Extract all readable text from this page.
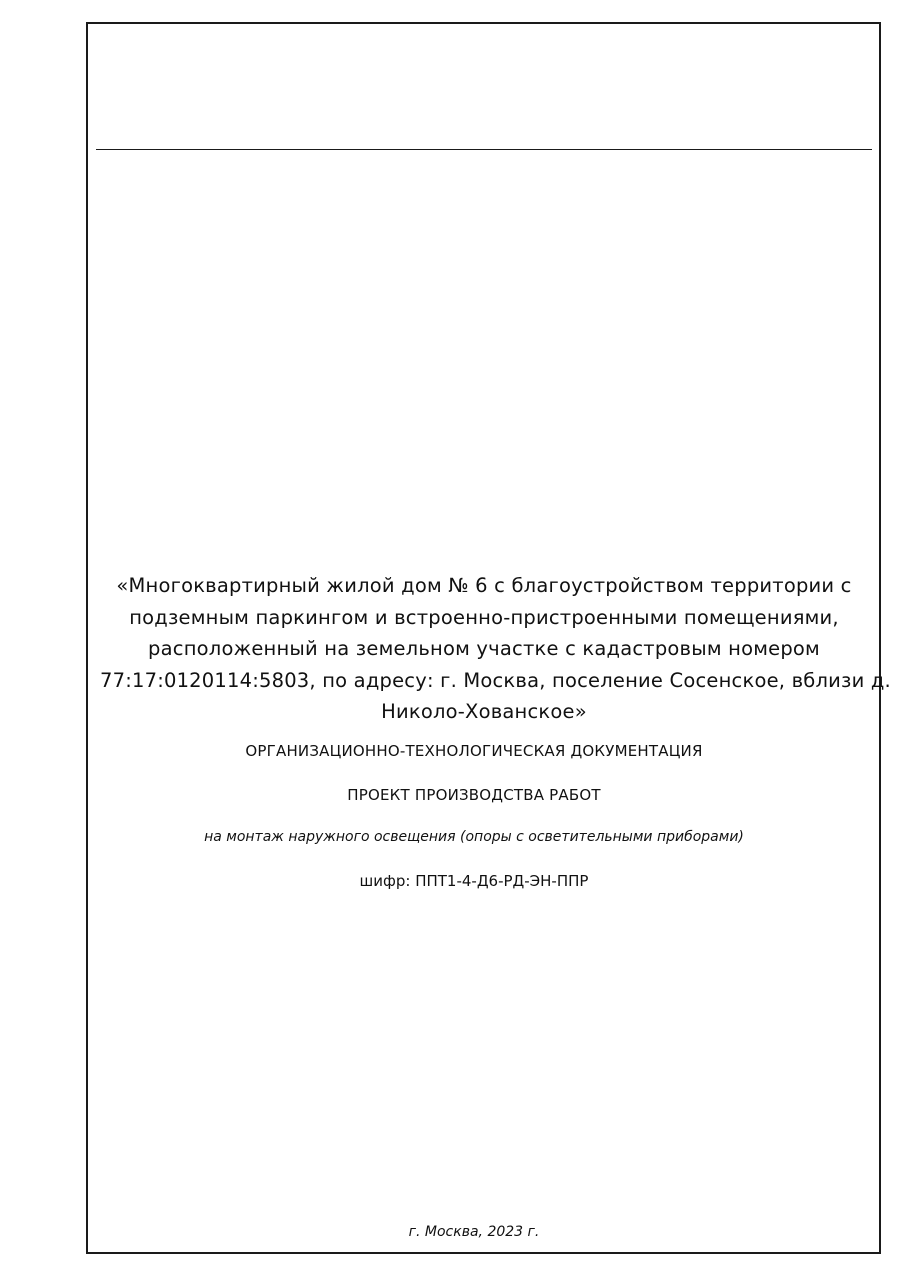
«Многоквартирный жилой дом № 6 с благоустройством территории с
подземным паркингом и встроенно-пристроенными помещениями,
расположенный на земельном участке с кадастровым номером
77:17:0120114:5803, по адресу: г. Москва, поселение Сосенское, вблизи д.
Николо-Хованское»
ОРГАНИЗАЦИОННО-ТЕХНОЛОГИЧЕСКАЯ ДОКУМЕНТАЦИЯ
ПРОЕКТ ПРОИЗВОДСТВА РАБОТ
на монтаж наружного освещения (опоры с осветительными приборами)
шифр: ППТ1-4-Д6-РД-ЭН-ППР
г. Москва, 2023 г.
